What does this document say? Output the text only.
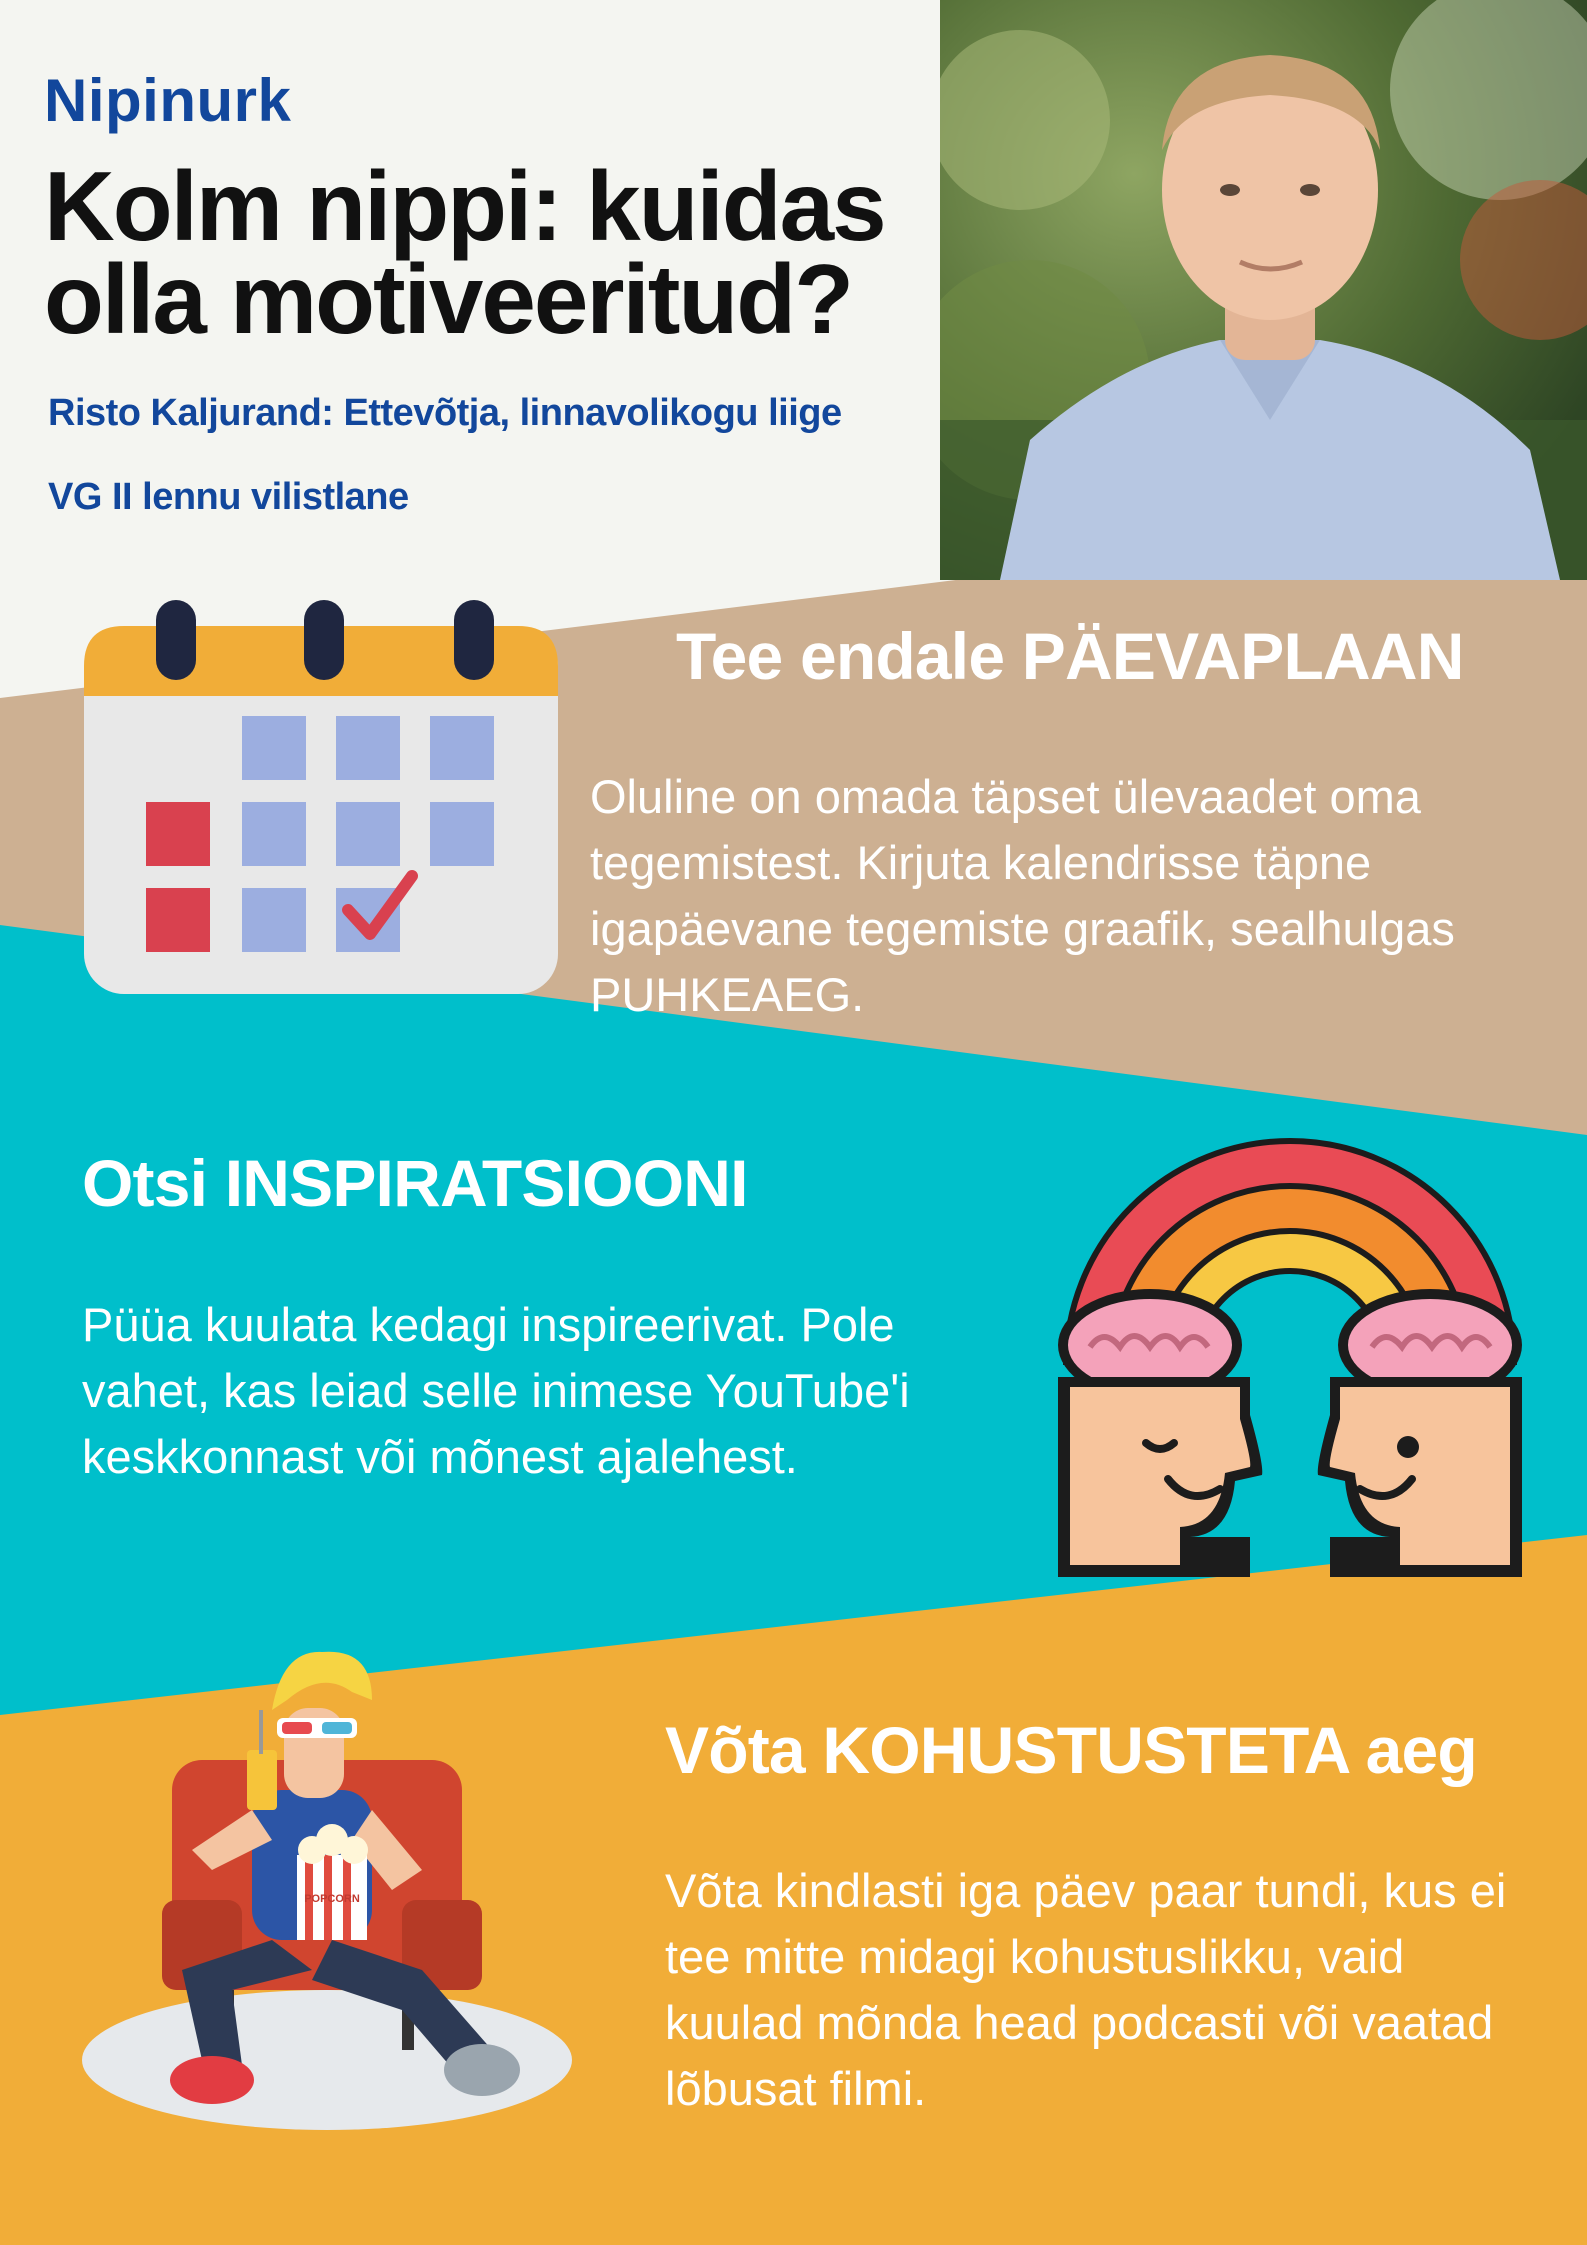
Nipinurk
Kolm nippi: kuidas
olla motiveeritud?
Risto Kaljurand: Ettevõtja, linnavolikogu liige
VG II lennu vilistlane
Tee endale PÄEVAPLAAN

Oluline on omada täpset ülevaadet oma tegemistest. Kirjuta kalendrisse täpne igapäevane tegemiste graafik, sealhulgas PUHKEAEG.

Otsi INSPIRATSIOONI

Püüa kuulata kedagi inspireerivat. Pole vahet, kas leiad selle inimese YouTube'i keskkonnast või mõnest ajalehest.

POPCORN
Võta KOHUSTUSTETA aeg

Võta kindlasti iga päev paar tundi, kus ei tee mitte midagi kohustuslikku, vaid kuulad mõnda head podcasti või vaatad lõbusat filmi.
